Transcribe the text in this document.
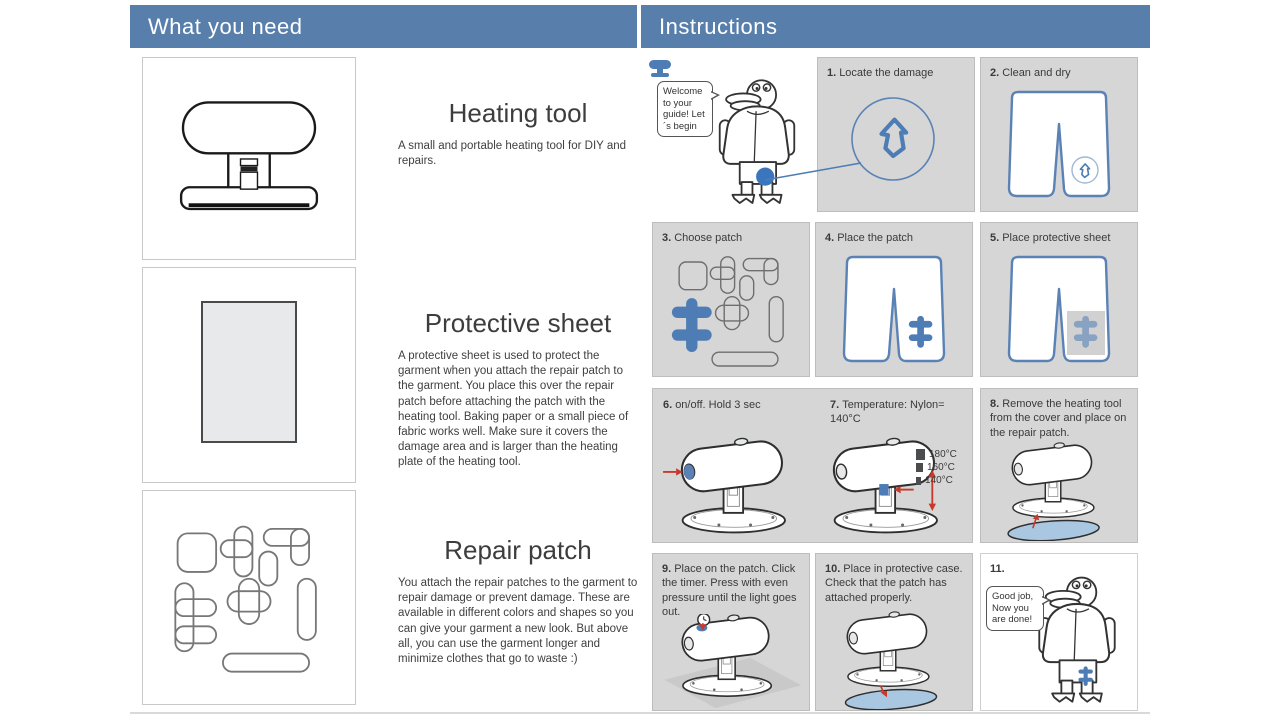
What you need
Heating tool
A small and portable heating tool for DIY and repairs.
Protective sheet
A protective sheet is used to protect the garment when you attach the repair patch to the garment. You place this over the repair patch before attaching the patch with the heating tool. Baking paper or a small piece of fabric works well. Make sure it covers the damage area and is larger than the heating plate of the heating tool.
Repair patch
You attach the repair patches to the garment to repair damage or prevent damage. These are available in different colors and shapes so you can give your garment a new look. But above all, you can use the garment longer and minimize clothes that go to waste :)
Instructions
Welcome to your guide! Let´s begin
1. Locate the damage	2. Clean and dry
3. Choose patch	4. Place the patch	5. Place protective sheet
6. on/off. Hold 3 sec	7. Temperature: Nylon= 140°C
180°C
160°C
140°C
8. Remove the heating tool from the cover and place on the repair patch.
9. Place on the patch. Click the timer. Press with even pressure until the light goes out.
10. Place in protective case. Check that the patch has attached properly.
11.
Good job, Now you are done!
